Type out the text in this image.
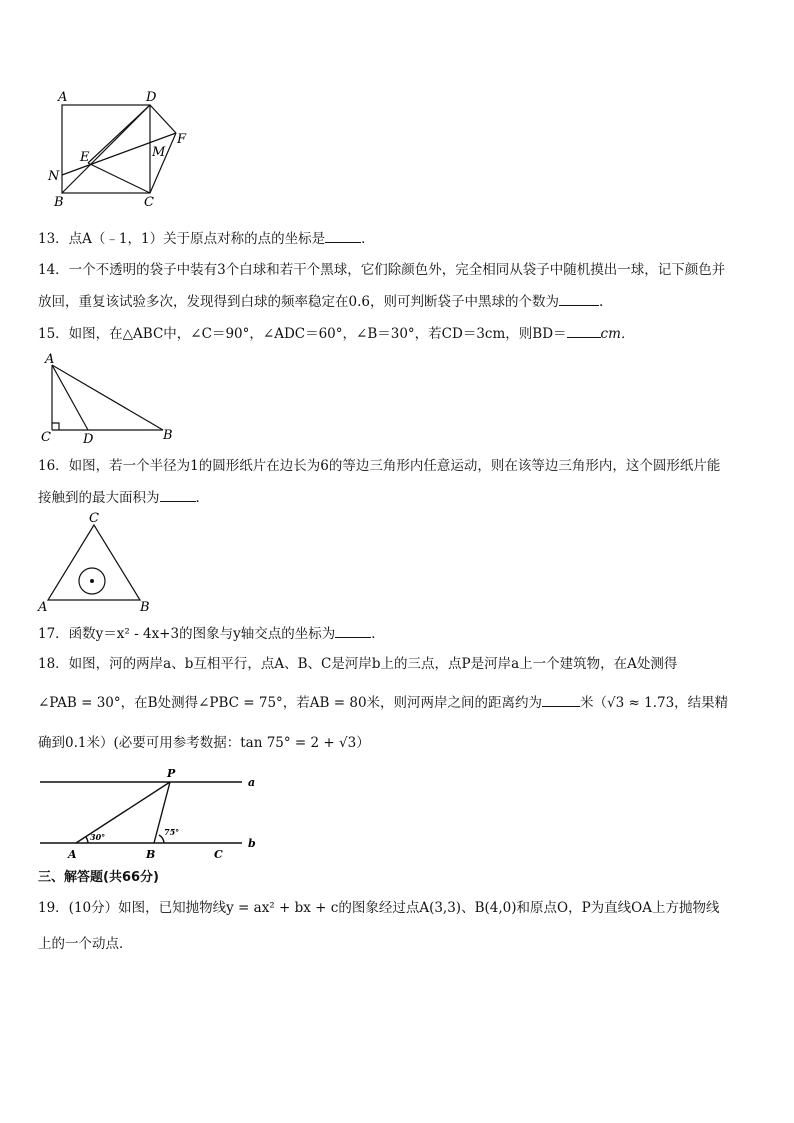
A	D
F
E	M
N
B	C
13．点A（﹣1，1）关于原点对称的点的坐标是	．
14．一个不透明的袋子中装有3个白球和若干个黑球，它们除颜色外，完全相同从袋子中随机摸出一球，记下颜色并
放回，重复该试验多次，发现得到白球的频率稳定在0.6，则可判断袋子中黑球的个数为	.
15．如图，在△ABC中，∠C＝90°，∠ADC＝60°，∠B＝30°，若CD＝3cm，则BD＝	cm．
A
C D	B
16．如图，若一个半径为1的圆形纸片在边长为6的等边三角形内任意运动，则在该等边三角形内，这个圆形纸片能
接触到的最大面积为	．
C
A	B
17．函数y＝x² - 4x+3的图象与y轴交点的坐标为	．
18．如图，河的两岸a、b互相平行，点A、B、C是河岸b上的三点，点P是河岸a上一个建筑物，在A处测得
∠PAB = 30°，在B处测得∠PBC = 75°，若AB = 80米，则河两岸之间的距离约为	米（√3 ≈ 1.73，结果精
确到0.1米）(必要可用参考数据：tan 75° = 2 + √3）
P
a
b
A	B	C
30°	75°
三、解答题(共66分)
19．(10分）如图，已知抛物线y = ax² + bx + c的图象经过点A(3,3)、B(4,0)和原点O，P为直线OA上方抛物线
上的一个动点．
